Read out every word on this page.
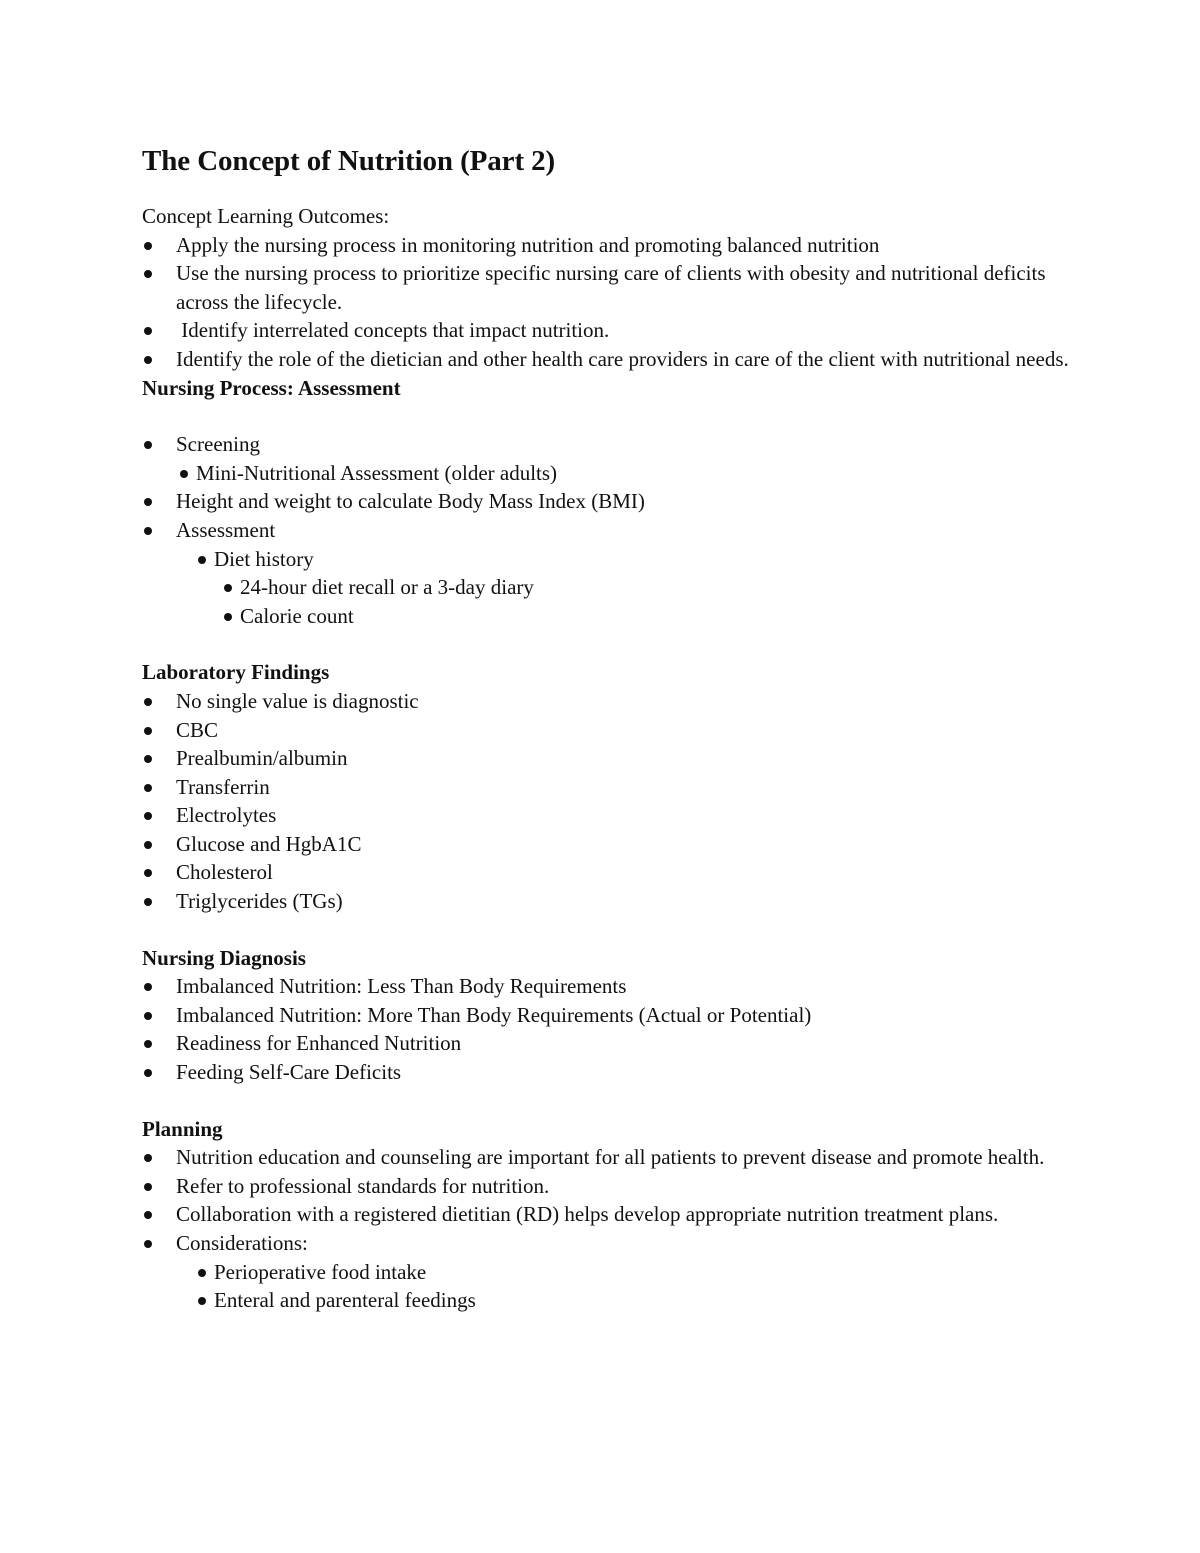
The Concept of Nutrition (Part 2)

Concept Learning Outcomes:

Apply the nursing process in monitoring nutrition and promoting balanced nutrition
Use the nursing process to prioritize specific nursing care of clients with obesity and nutritional deficits across the lifecycle.
Identify interrelated concepts that impact nutrition.
Identify the role of the dietician and other health care providers in care of the client with nutritional needs.

Nursing Process: Assessment

Screening
Mini-Nutritional Assessment (older adults)
Height and weight to calculate Body Mass Index (BMI)
Assessment
Diet history
24-hour diet recall or a 3-day diary
Calorie count

Laboratory Findings

No single value is diagnostic
CBC
Prealbumin/albumin
Transferrin
Electrolytes
Glucose and HgbA1C
Cholesterol
Triglycerides (TGs)

Nursing Diagnosis

Imbalanced Nutrition: Less Than Body Requirements
Imbalanced Nutrition: More Than Body Requirements (Actual or Potential)
Readiness for Enhanced Nutrition
Feeding Self-Care Deficits

Planning

Nutrition education and counseling are important for all patients to prevent disease and promote health.
Refer to professional standards for nutrition.
Collaboration with a registered dietitian (RD) helps develop appropriate nutrition treatment plans.
Considerations:
Perioperative food intake
Enteral and parenteral feedings
